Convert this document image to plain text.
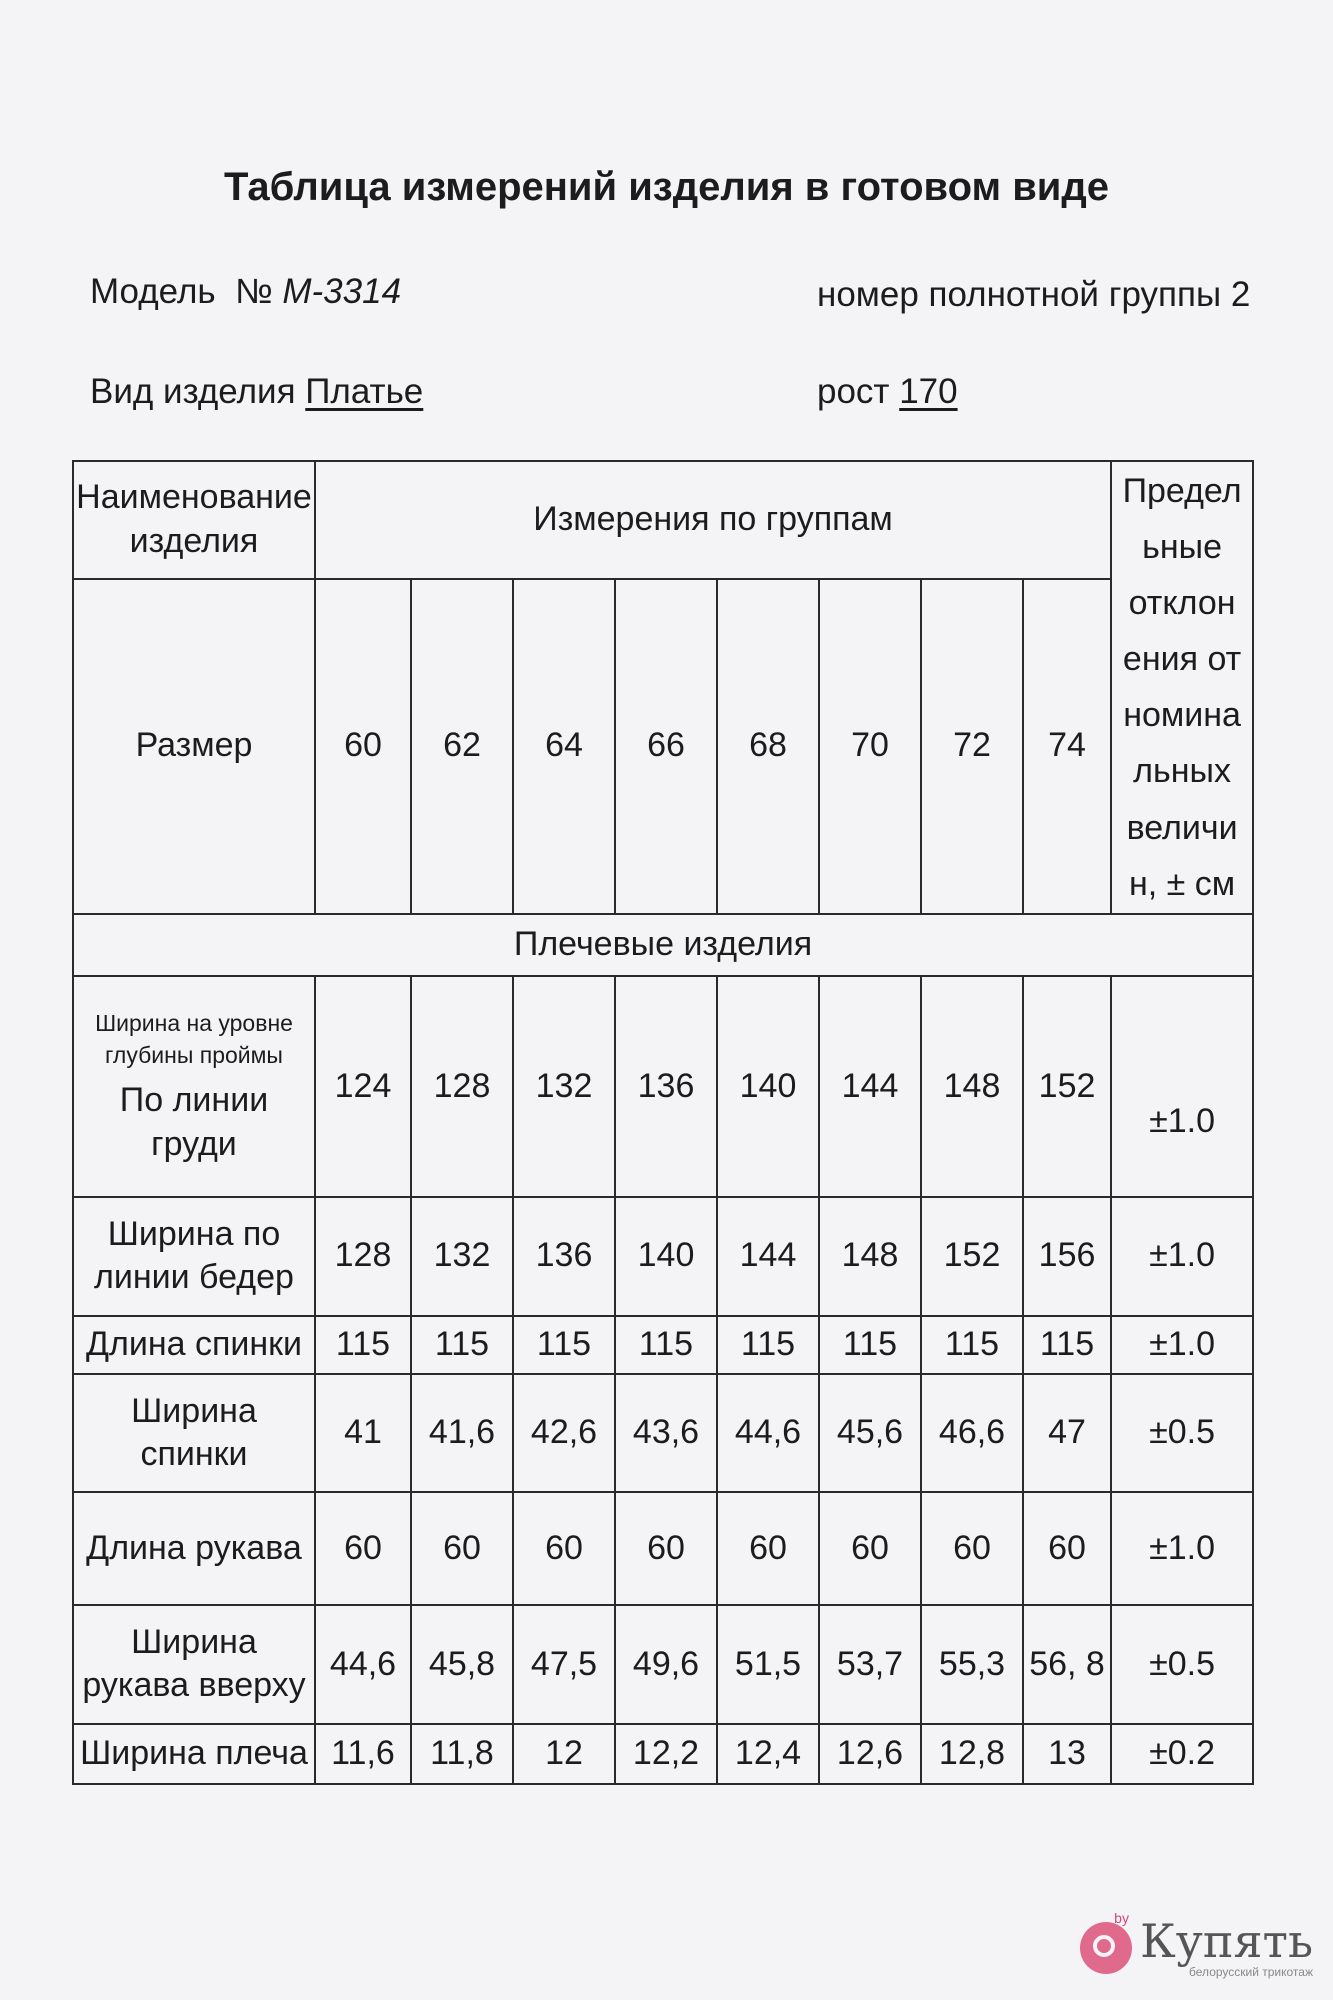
Таблица измерений изделия в готовом виде
Модель  № М-3314	номер полнотной группы 2
Вид изделия Платье	рост 170
Наименование изделия	Измерения по группам								Предел ьные отклон ения от номина льных величи н, ± см

Размер	60	62	64	66	68	70	72	74	
Плечевые изделия									

Ширина на уровне глубины проймы
По линии груди	124	128	132	136	140	144	148	152	±1.0
Ширина по линии бедер	128	132	136	140	144	148	152	156	±1.0
Длина спинки	115	115	115	115	115	115	115	115	±1.0
Ширина спинки	41	41,6	42,6	43,6	44,6	45,6	46,6	47	±0.5
Длина рукава	60	60	60	60	60	60	60	60	±1.0
Ширина рукава вверху	44,6	45,8	47,5	49,6	51,5	53,7	55,3	56, 8	±0.5
Ширина плеча	11,6	11,8	12	12,2	12,4	12,6	12,8	13	±0.2
by Купять
белорусский трикотаж
